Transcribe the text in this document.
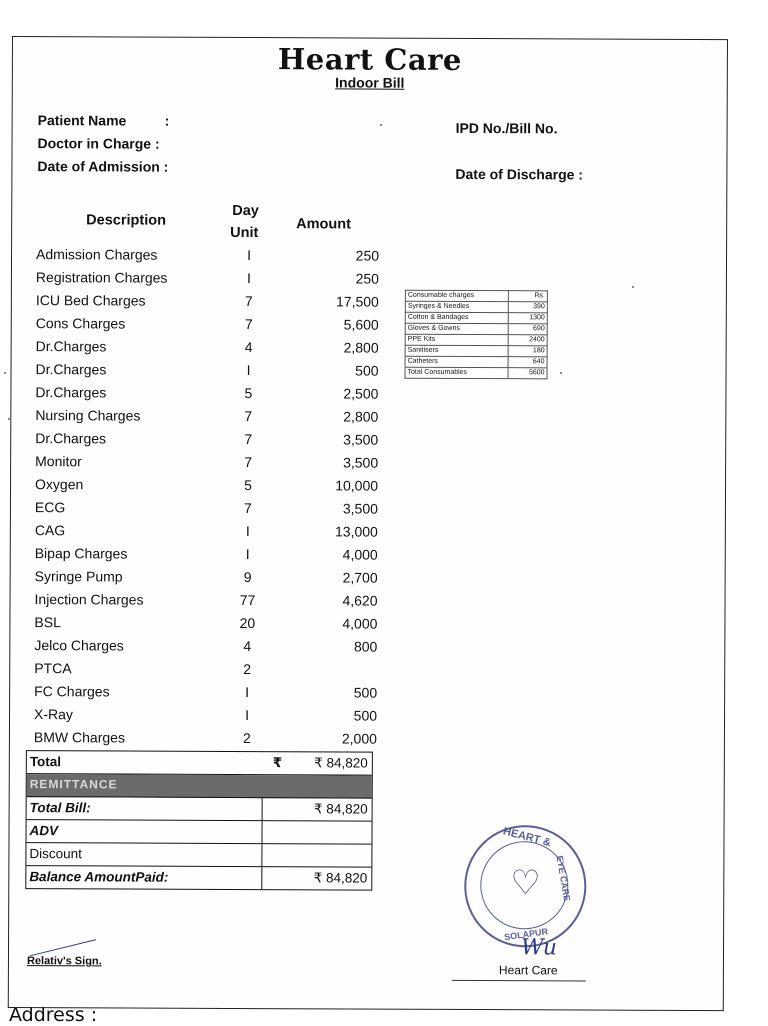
Heart Care
Indoor Bill
Patient Name	:
Doctor in Charge :
Date of Admission :
IPD No./Bill No.
Date of Discharge :
Description
Day
Unit
Amount
Admission Charges	I	250
Registration Charges	I	250
ICU Bed Charges	7	17,500
Cons Charges	7	5,600
Dr.Charges	4	2,800
Dr.Charges	I	500
Dr.Charges	5	2,500
Nursing Charges	7	2,800
Dr.Charges	7	3,500
Monitor	7	3,500
Oxygen	5	10,000
ECG	7	3,500
CAG	I	13,000
Bipap Charges	I	4,000
Syringe Pump	9	2,700
Injection Charges	77	4,620
BSL	20	4,000
Jelco Charges	4	800
PTCA	2
FC Charges	I	500
X-Ray	I	500
BMW Charges	2	2,000
Total	₹ ₹ 84,820
REMITTANCE
Total Bill:	₹ 84,820
ADV
Discount
Balance AmountPaid:	₹ 84,820
Consumable charges	Rs.
Syringes & Needles	390
Cotton & Bandages	1300
Gloves & Gowns	690
PPE Kits	2400
Sanitisers	180
Catheters	640
Total Consumables	5600
HEART &
EYE CARE
♡
SOLAPUR
Wu
Heart Care
Relativ's Sign.
Address :
